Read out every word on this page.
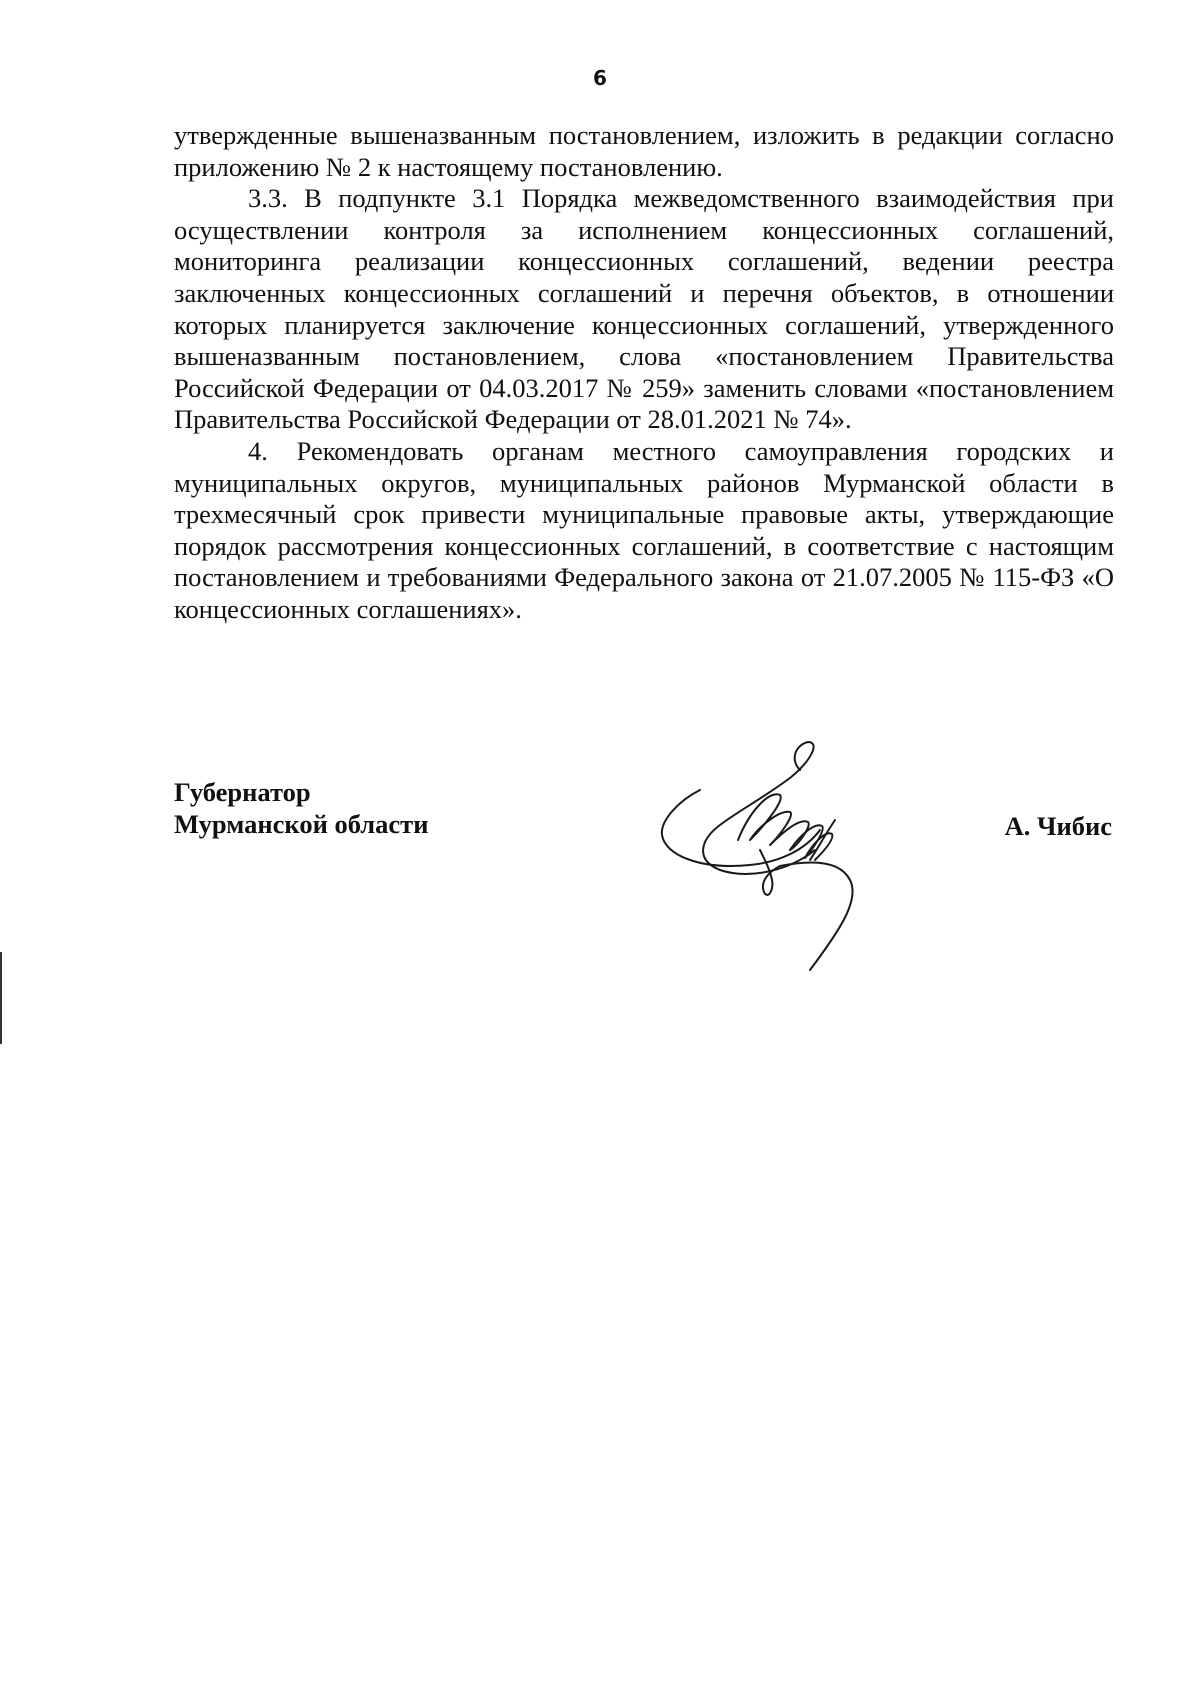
6

утвержденные вышеназванным постановлением, изложить в редакции согласно приложению № 2 к настоящему постановлению.

3.3. В подпункте 3.1 Порядка межведомственного взаимодействия при осуществлении контроля за исполнением концессионных соглашений, мониторинга реализации концессионных соглашений, ведении реестра заключенных концессионных соглашений и перечня объектов, в отношении которых планируется заключение концессионных соглашений, утвержденного вышеназванным постановлением, слова «постановлением Правительства Российской Федерации от 04.03.2017 № 259» заменить словами «постановлением Правительства Российской Федерации от 28.01.2021 № 74».

4. Рекомендовать органам местного самоуправления городских и муниципальных округов, муниципальных районов Мурманской области в трехмесячный срок привести муниципальные правовые акты, утверждающие порядок рассмотрения концессионных соглашений, в соответствие с настоящим постановлением и требованиями Федерального закона от 21.07.2005 № 115-ФЗ «О концессионных соглашениях».

Губернатор
Мурманской области	А. Чибис
